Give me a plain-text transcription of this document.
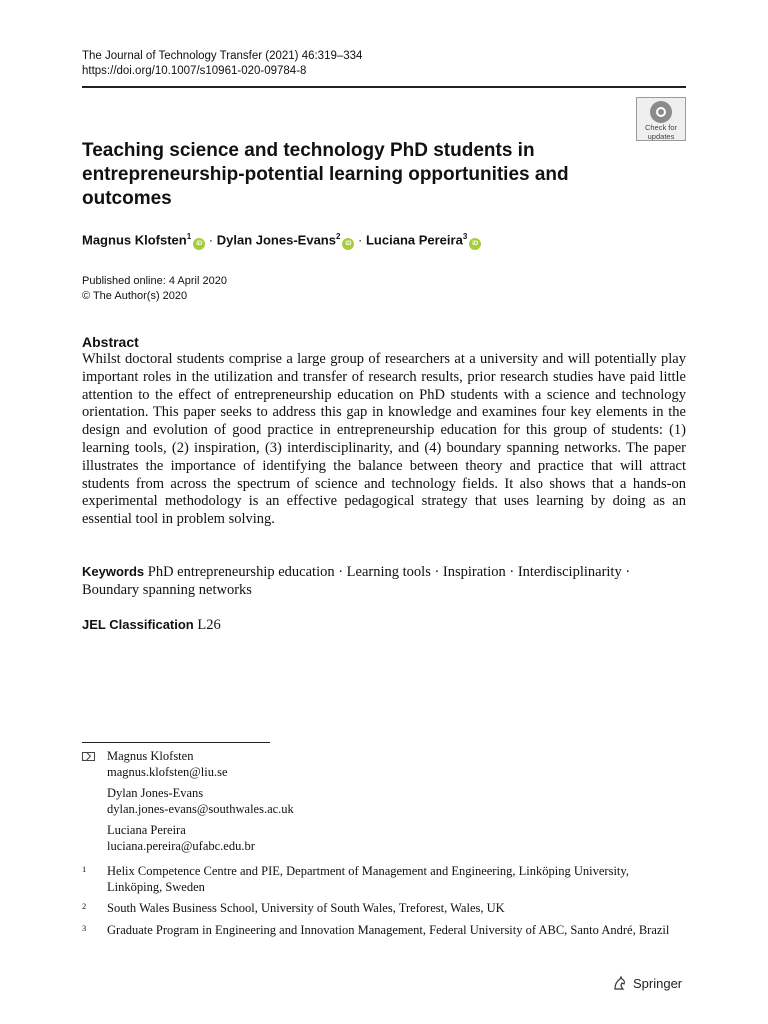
The Journal of Technology Transfer (2021) 46:319–334
https://doi.org/10.1007/s10961-020-09784-8
Check for
updates
Teaching science and technology PhD students in entrepreneurship-potential learning opportunities and outcomes
Magnus Klofsten$^1$iD · Dylan Jones-Evans$^2$iD · Luciana Pereira$^3$iD
Published online: 4 April 2020
© The Author(s) 2020
Abstract

Whilst doctoral students comprise a large group of researchers at a university and will potentially play important roles in the utilization and transfer of research results, prior research studies have paid little attention to the effect of entrepreneurship education on PhD students with a science and technology orientation. This paper seeks to address this gap in knowledge and examines four key elements in the design and evolution of good practice in entrepreneurship education for this group of students: (1) learning tools, (2) inspiration, (3) interdisciplinarity, and (4) boundary spanning networks. The paper illustrates the importance of identifying the balance between theory and practice that will attract students from across the spectrum of science and technology fields. It also shows that a hands-on experimental methodology is an effective pedagogical strategy that uses learning by doing as an essential tool in problem solving.

Keywords PhD entrepreneurship education · Learning tools · Inspiration · Interdisciplinarity · Boundary spanning networks

JEL Classification L26

Magnus Klofsten
magnus.klofsten@liu.se
Dylan Jones-Evans
dylan.jones-evans@southwales.ac.uk
Luciana Pereira
luciana.pereira@ufabc.edu.br
1 Helix Competence Centre and PIE, Department of Management and Engineering, Linköping University, Linköping, Sweden
2 South Wales Business School, University of South Wales, Treforest, Wales, UK
3 Graduate Program in Engineering and Innovation Management, Federal University of ABC, Santo André, Brazil
Springer
